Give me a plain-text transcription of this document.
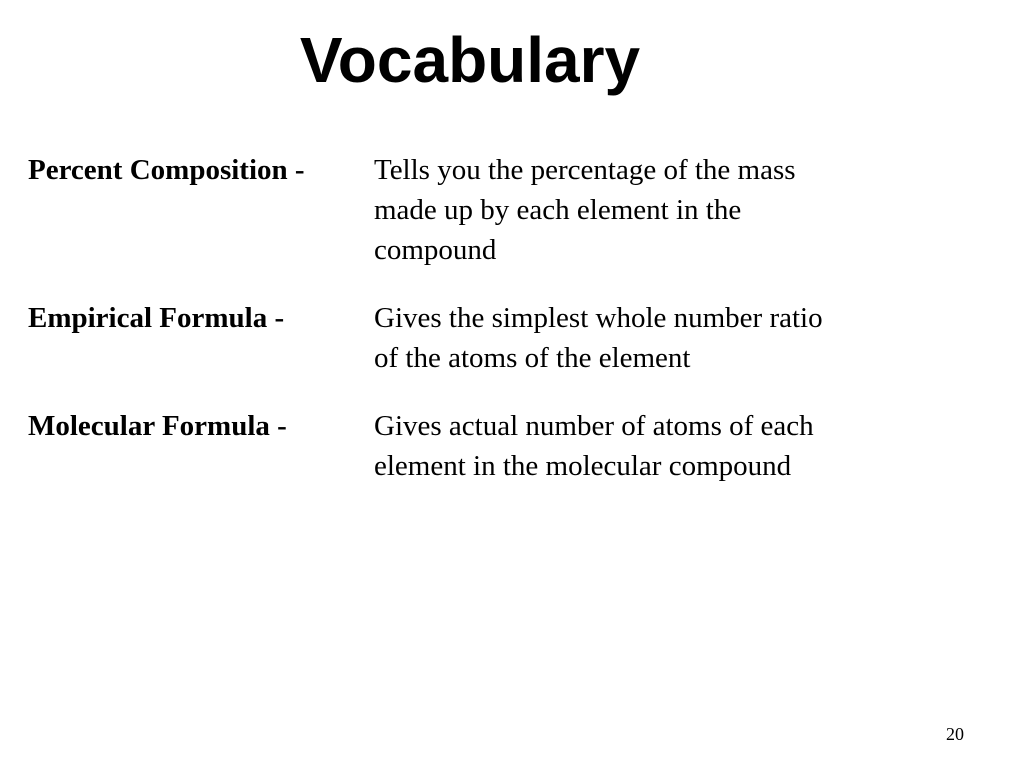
Vocabulary
Percent Composition -	Tells you the percentage of the mass made up by each element in the compound
Empirical Formula -	Gives the simplest whole number ratio of the atoms of the element
Molecular Formula -	Gives actual number of atoms of each element in the molecular compound
20
